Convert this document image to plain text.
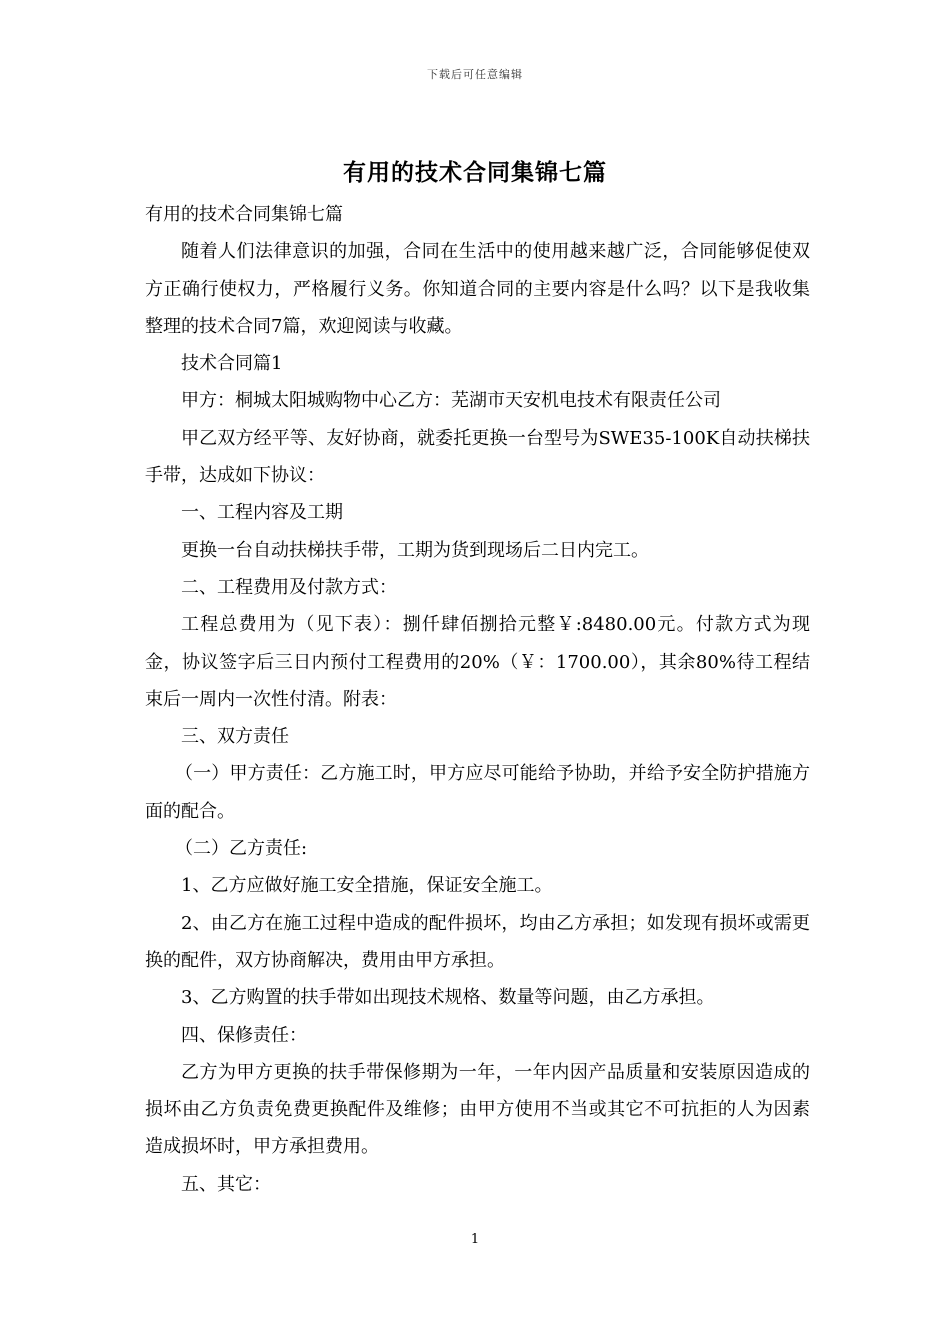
下载后可任意编辑
有用的技术合同集锦七篇

有用的技术合同集锦七篇

随着人们法律意识的加强，合同在生活中的使用越来越广泛，合同能够促使双方正确行使权力，严格履行义务。你知道合同的主要内容是什么吗？以下是我收集整理的技术合同7篇，欢迎阅读与收藏。

技术合同篇1

甲方：桐城太阳城购物中心乙方：芜湖市天安机电技术有限责任公司

甲乙双方经平等、友好协商，就委托更换一台型号为SWE35-100K自动扶梯扶手带，达成如下协议：

一、工程内容及工期

更换一台自动扶梯扶手带，工期为货到现场后二日内完工。

二、工程费用及付款方式：

工程总费用为（见下表）：捌仟肆佰捌拾元整￥:8480.00元。付款方式为现金，协议签字后三日内预付工程费用的20%（￥：1700.00），其余80%待工程结束后一周内一次性付清。附表：

三、双方责任

（一）甲方责任：乙方施工时，甲方应尽可能给予协助，并给予安全防护措施方面的配合。

（二）乙方责任:

1、乙方应做好施工安全措施，保证安全施工。

2、由乙方在施工过程中造成的配件损坏，均由乙方承担；如发现有损坏或需更换的配件，双方协商解决，费用由甲方承担。

3、乙方购置的扶手带如出现技术规格、数量等问题，由乙方承担。

四、保修责任：

乙方为甲方更换的扶手带保修期为一年，一年内因产品质量和安装原因造成的损坏由乙方负责免费更换配件及维修；由甲方使用不当或其它不可抗拒的人为因素造成损坏时，甲方承担费用。

五、其它：

1
